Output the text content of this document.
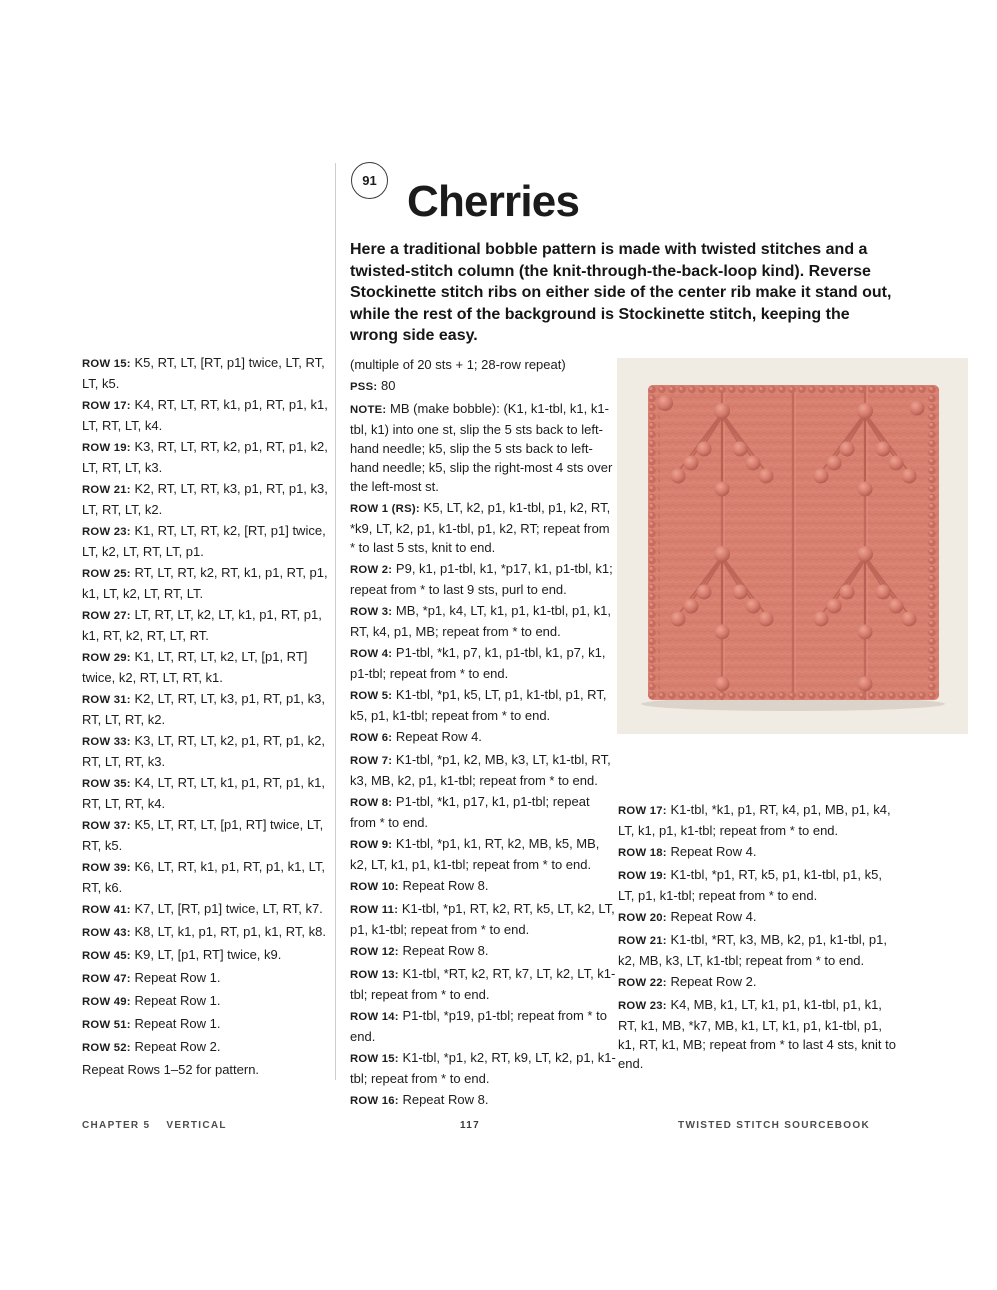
91 Cherries

Here a traditional bobble pattern is made with twisted stitches and a twisted-stitch column (the knit-through-the-back-loop kind). Reverse Stockinette stitch ribs on either side of the center rib make it stand out, while the rest of the background is Stockinette stitch, keeping the wrong side easy.

ROW 15: K5, RT, LT, [RT, p1] twice, LT, RT, LT, k5.

ROW 17: K4, RT, LT, RT, k1, p1, RT, p1, k1, LT, RT, LT, k4.

ROW 19: K3, RT, LT, RT, k2, p1, RT, p1, k2, LT, RT, LT, k3.

ROW 21: K2, RT, LT, RT, k3, p1, RT, p1, k3, LT, RT, LT, k2.

ROW 23: K1, RT, LT, RT, k2, [RT, p1] twice, LT, k2, LT, RT, LT, p1.

ROW 25: RT, LT, RT, k2, RT, k1, p1, RT, p1, k1, LT, k2, LT, RT, LT.

ROW 27: LT, RT, LT, k2, LT, k1, p1, RT, p1, k1, RT, k2, RT, LT, RT.

ROW 29: K1, LT, RT, LT, k2, LT, [p1, RT] twice, k2, RT, LT, RT, k1.

ROW 31: K2, LT, RT, LT, k3, p1, RT, p1, k3, RT, LT, RT, k2.

ROW 33: K3, LT, RT, LT, k2, p1, RT, p1, k2, RT, LT, RT, k3.

ROW 35: K4, LT, RT, LT, k1, p1, RT, p1, k1, RT, LT, RT, k4.

ROW 37: K5, LT, RT, LT, [p1, RT] twice, LT, RT, k5.

ROW 39: K6, LT, RT, k1, p1, RT, p1, k1, LT, RT, k6.

ROW 41: K7, LT, [RT, p1] twice, LT, RT, k7.

ROW 43: K8, LT, k1, p1, RT, p1, k1, RT, k8.

ROW 45: K9, LT, [p1, RT] twice, k9.

ROW 47: Repeat Row 1.

ROW 49: Repeat Row 1.

ROW 51: Repeat Row 1.

ROW 52: Repeat Row 2.

Repeat Rows 1–52 for pattern.

(multiple of 20 sts + 1; 28-row repeat)

PSS: 80

NOTE: MB (make bobble): (K1, k1-tbl, k1, k1-tbl, k1) into one st, slip the 5 sts back to left-hand needle; k5, slip the 5 sts back to left-hand needle; k5, slip the right-most 4 sts over the left-most st.

ROW 1 (RS): K5, LT, k2, p1, k1-tbl, p1, k2, RT, *k9, LT, k2, p1, k1-tbl, p1, k2, RT; repeat from * to last 5 sts, knit to end.

ROW 2: P9, k1, p1-tbl, k1, *p17, k1, p1-tbl, k1; repeat from * to last 9 sts, purl to end.

ROW 3: MB, *p1, k4, LT, k1, p1, k1-tbl, p1, k1, RT, k4, p1, MB; repeat from * to end.

ROW 4: P1-tbl, *k1, p7, k1, p1-tbl, k1, p7, k1, p1-tbl; repeat from * to end.

ROW 5: K1-tbl, *p1, k5, LT, p1, k1-tbl, p1, RT, k5, p1, k1-tbl; repeat from * to end.

ROW 6: Repeat Row 4.

ROW 7: K1-tbl, *p1, k2, MB, k3, LT, k1-tbl, RT, k3, MB, k2, p1, k1-tbl; repeat from * to end.

ROW 8: P1-tbl, *k1, p17, k1, p1-tbl; repeat from * to end.

ROW 9: K1-tbl, *p1, k1, RT, k2, MB, k5, MB, k2, LT, k1, p1, k1-tbl; repeat from * to end.

ROW 10: Repeat Row 8.

ROW 11: K1-tbl, *p1, RT, k2, RT, k5, LT, k2, LT, p1, k1-tbl; repeat from * to end.

ROW 12: Repeat Row 8.

ROW 13: K1-tbl, *RT, k2, RT, k7, LT, k2, LT, k1-tbl; repeat from * to end.

ROW 14: P1-tbl, *p19, p1-tbl; repeat from * to end.

ROW 15: K1-tbl, *p1, k2, RT, k9, LT, k2, p1, k1-tbl; repeat from * to end.

ROW 16: Repeat Row 8.

ROW 17: K1-tbl, *k1, p1, RT, k4, p1, MB, p1, k4, LT, k1, p1, k1-tbl; repeat from * to end.

ROW 18: Repeat Row 4.

ROW 19: K1-tbl, *p1, RT, k5, p1, k1-tbl, p1, k5, LT, p1, k1-tbl; repeat from * to end.

ROW 20: Repeat Row 4.

ROW 21: K1-tbl, *RT, k3, MB, k2, p1, k1-tbl, p1, k2, MB, k3, LT, k1-tbl; repeat from * to end.

ROW 22: Repeat Row 2.

ROW 23: K4, MB, k1, LT, k1, p1, k1-tbl, p1, k1, RT, k1, MB, *k7, MB, k1, LT, k1, p1, k1-tbl, p1, k1, RT, k1, MB; repeat from * to last 4 sts, knit to end.

CHAPTER 5 VERTICAL	117	TWISTED STITCH SOURCEBOOK
